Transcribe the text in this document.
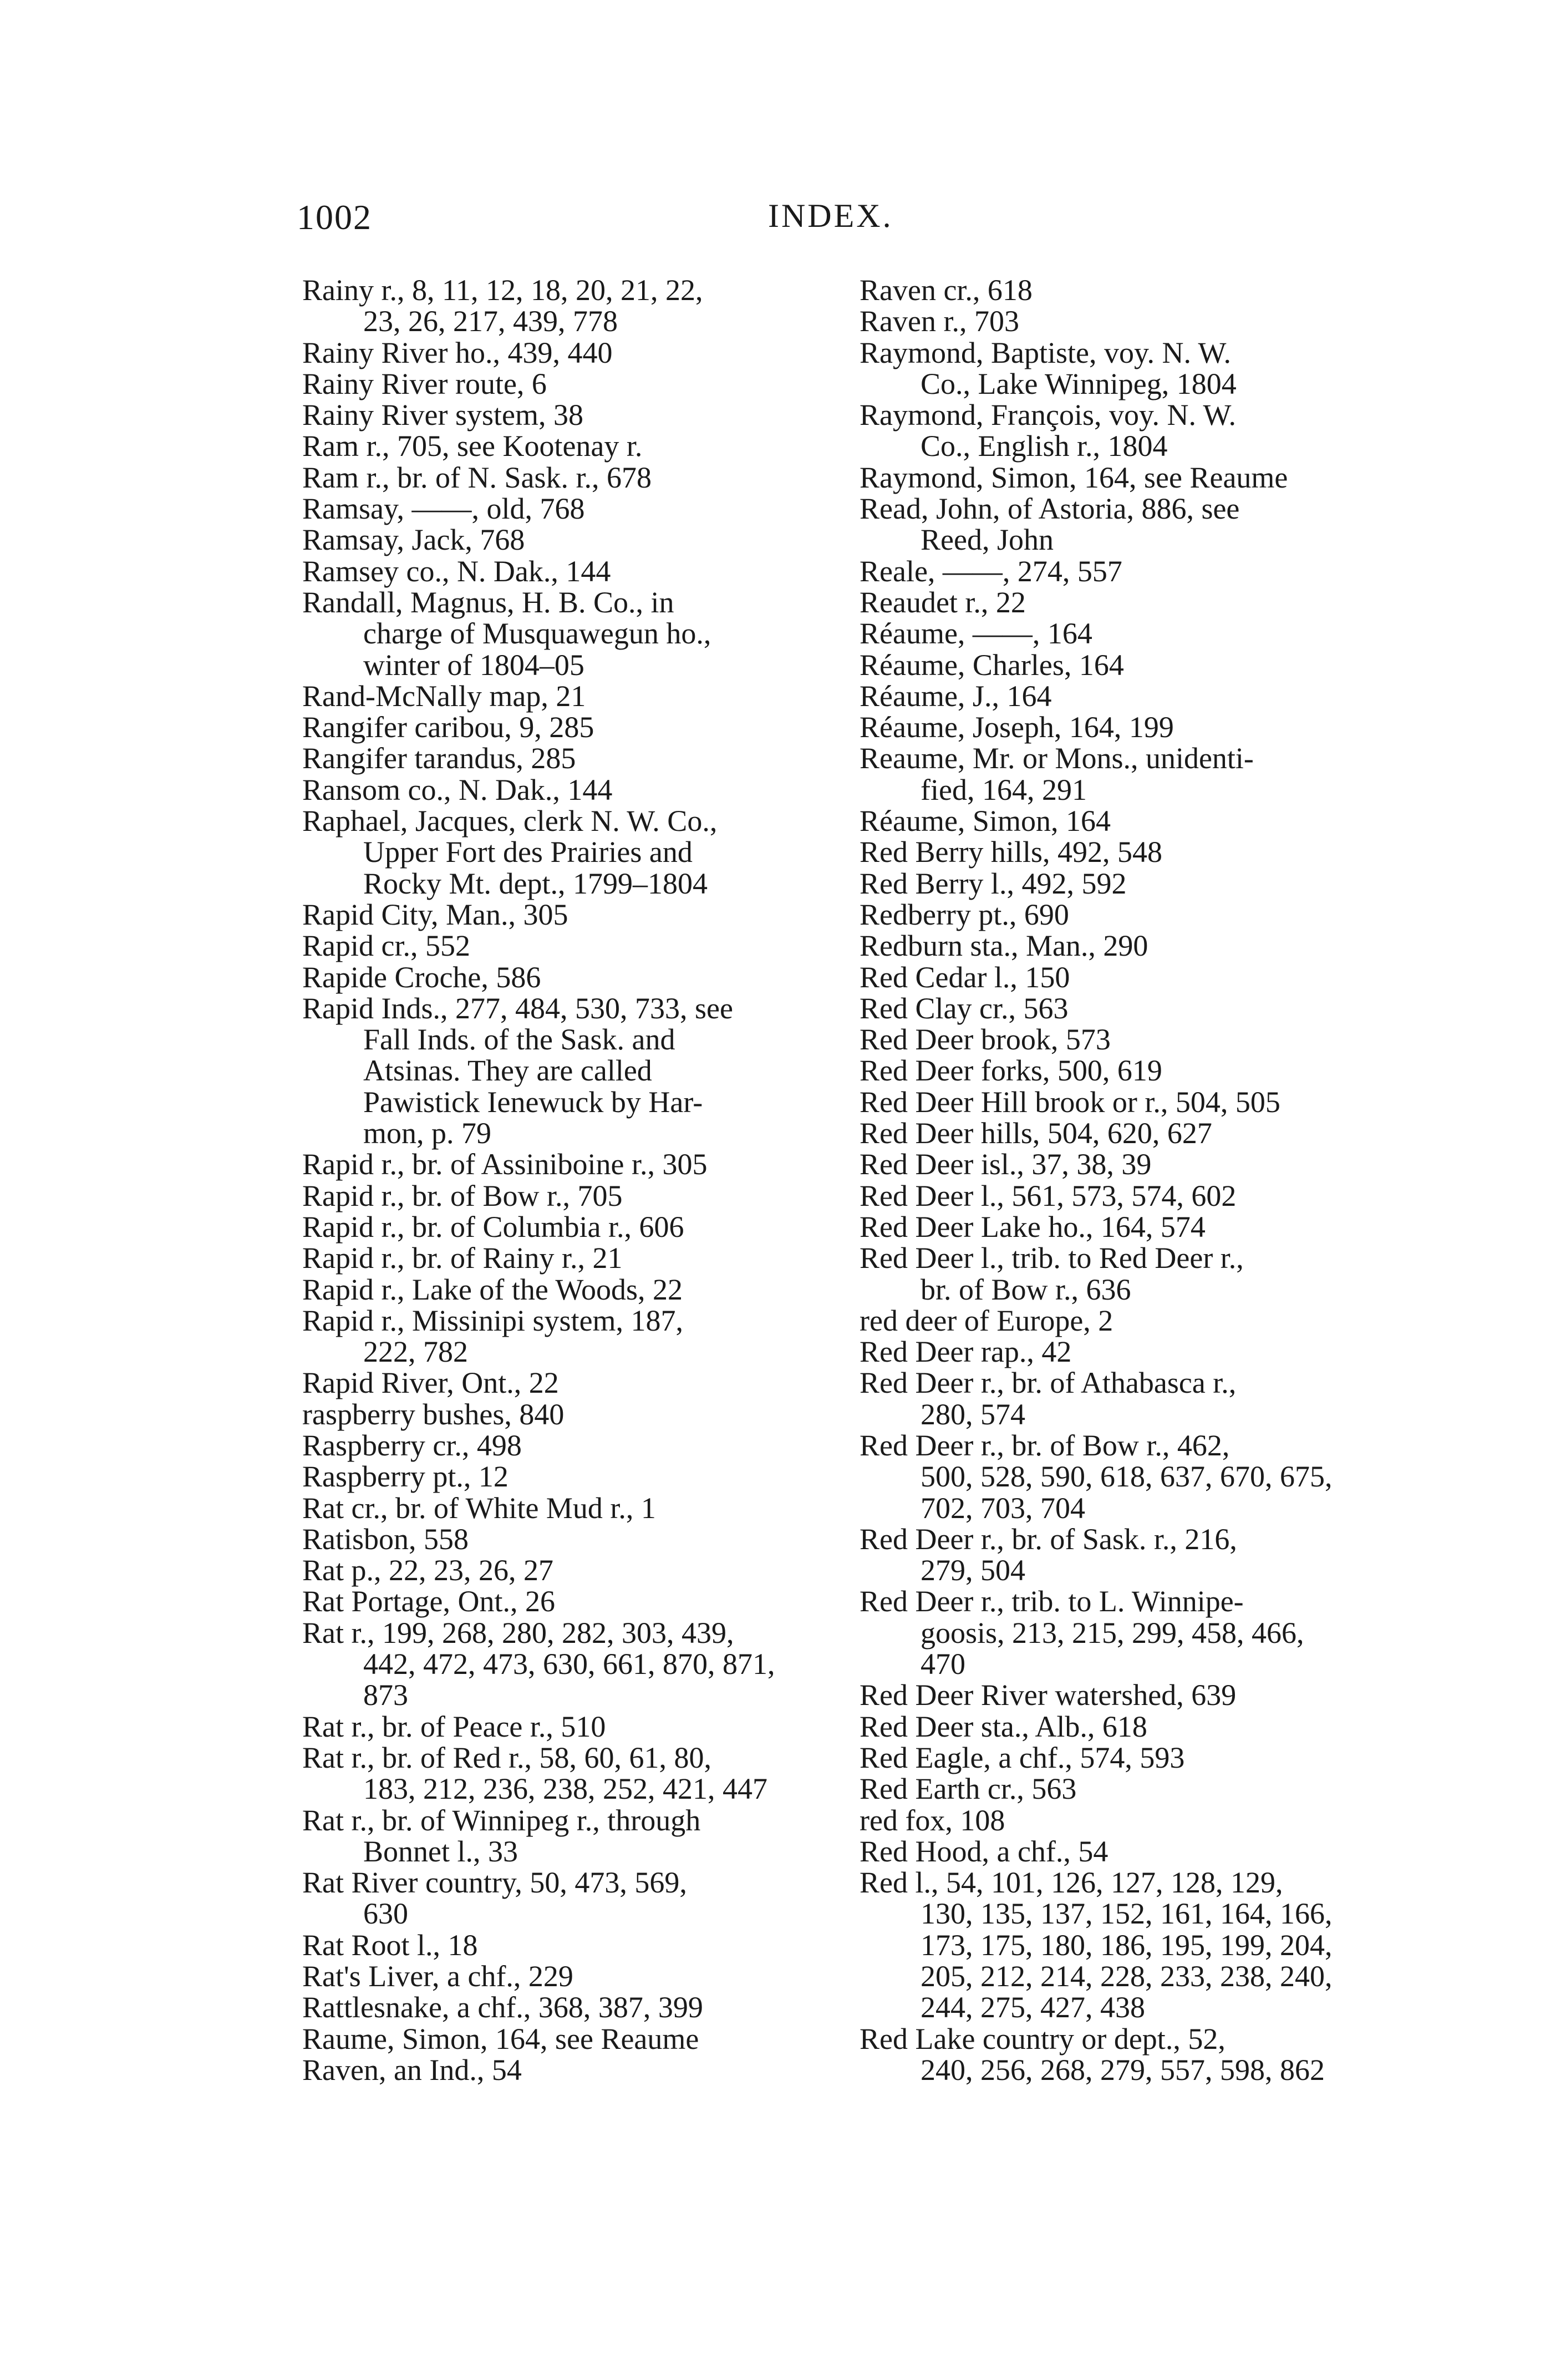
1002	INDEX.

Rainy r., 8, 11, 12, 18, 20, 21, 22,
23, 26, 217, 439, 778

Rainy River ho., 439, 440

Rainy River route, 6

Rainy River system, 38

Ram r., 705, see Kootenay r.

Ram r., br. of N. Sask. r., 678

Ramsay, ——, old, 768

Ramsay, Jack, 768

Ramsey co., N. Dak., 144

Randall, Magnus, H. B. Co., in
charge of Musquawegun ho.,
winter of 1804–05

Rand-McNally map, 21

Rangifer caribou, 9, 285

Rangifer tarandus, 285

Ransom co., N. Dak., 144

Raphael, Jacques, clerk N. W. Co.,
Upper Fort des Prairies and
Rocky Mt. dept., 1799–1804

Rapid City, Man., 305

Rapid cr., 552

Rapide Croche, 586

Rapid Inds., 277, 484, 530, 733, see
Fall Inds. of the Sask. and
Atsinas. They are called
Pawistick Ienewuck by Har-
mon, p. 79

Rapid r., br. of Assiniboine r., 305

Rapid r., br. of Bow r., 705

Rapid r., br. of Columbia r., 606

Rapid r., br. of Rainy r., 21

Rapid r., Lake of the Woods, 22

Rapid r., Missinipi system, 187,
222, 782

Rapid River, Ont., 22

raspberry bushes, 840

Raspberry cr., 498

Raspberry pt., 12

Rat cr., br. of White Mud r., 1

Ratisbon, 558

Rat p., 22, 23, 26, 27

Rat Portage, Ont., 26

Rat r., 199, 268, 280, 282, 303, 439,
442, 472, 473, 630, 661, 870, 871,
873

Rat r., br. of Peace r., 510

Rat r., br. of Red r., 58, 60, 61, 80,
183, 212, 236, 238, 252, 421, 447

Rat r., br. of Winnipeg r., through
Bonnet l., 33

Rat River country, 50, 473, 569,
630

Rat Root l., 18

Rat's Liver, a chf., 229

Rattlesnake, a chf., 368, 387, 399

Raume, Simon, 164, see Reaume

Raven, an Ind., 54

Raven cr., 618

Raven r., 703

Raymond, Baptiste, voy. N. W.
Co., Lake Winnipeg, 1804

Raymond, François, voy. N. W.
Co., English r., 1804

Raymond, Simon, 164, see Reaume

Read, John, of Astoria, 886, see
Reed, John

Reale, ——, 274, 557

Reaudet r., 22

Réaume, ——, 164

Réaume, Charles, 164

Réaume, J., 164

Réaume, Joseph, 164, 199

Reaume, Mr. or Mons., unidenti-
fied, 164, 291

Réaume, Simon, 164

Red Berry hills, 492, 548

Red Berry l., 492, 592

Redberry pt., 690

Redburn sta., Man., 290

Red Cedar l., 150

Red Clay cr., 563

Red Deer brook, 573

Red Deer forks, 500, 619

Red Deer Hill brook or r., 504, 505

Red Deer hills, 504, 620, 627

Red Deer isl., 37, 38, 39

Red Deer l., 561, 573, 574, 602

Red Deer Lake ho., 164, 574

Red Deer l., trib. to Red Deer r.,
br. of Bow r., 636

red deer of Europe, 2

Red Deer rap., 42

Red Deer r., br. of Athabasca r.,
280, 574

Red Deer r., br. of Bow r., 462,
500, 528, 590, 618, 637, 670, 675,
702, 703, 704

Red Deer r., br. of Sask. r., 216,
279, 504

Red Deer r., trib. to L. Winnipe-
goosis, 213, 215, 299, 458, 466,
470

Red Deer River watershed, 639

Red Deer sta., Alb., 618

Red Eagle, a chf., 574, 593

Red Earth cr., 563

red fox, 108

Red Hood, a chf., 54

Red l., 54, 101, 126, 127, 128, 129,
130, 135, 137, 152, 161, 164, 166,
173, 175, 180, 186, 195, 199, 204,
205, 212, 214, 228, 233, 238, 240,
244, 275, 427, 438

Red Lake country or dept., 52,
240, 256, 268, 279, 557, 598, 862
